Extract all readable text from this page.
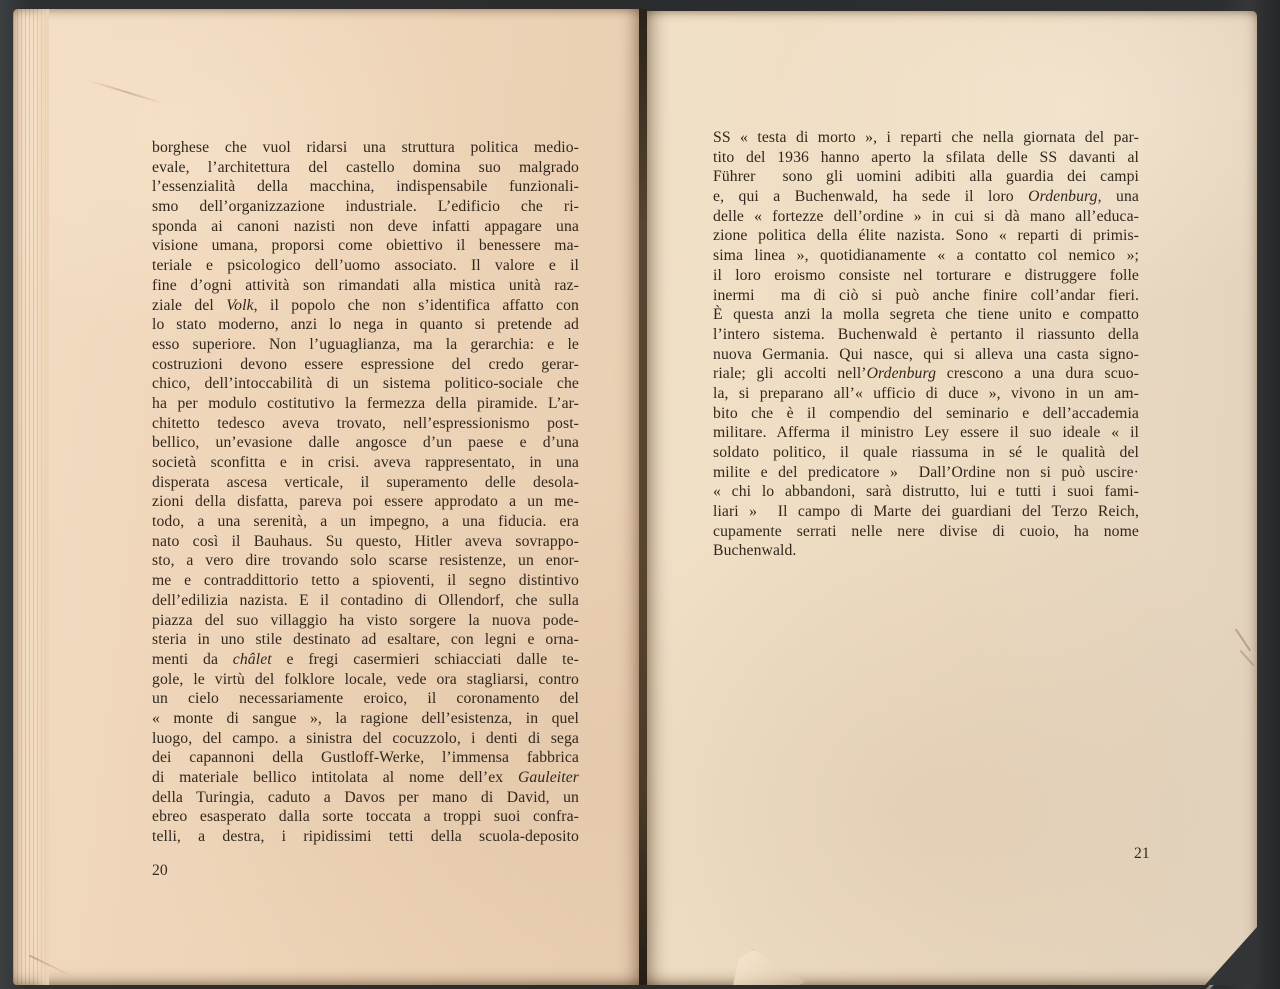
borghese che vuol ridarsi una struttura politica medio-
evale, l’architettura del castello domina suo malgrado
l’essenzialità della macchina, indispensabile funzionali-
smo dell’organizzazione industriale. L’edificio che ri-
sponda ai canoni nazisti non deve infatti appagare una
visione umana, proporsi come obiettivo il benessere ma-
teriale e psicologico dell’uomo associato. Il valore e il
fine d’ogni attività son rimandati alla mistica unità raz-
ziale del Volk, il popolo che non s’identifica affatto con
lo stato moderno, anzi lo nega in quanto si pretende ad
esso superiore. Non l’uguaglianza, ma la gerarchia: e le
costruzioni devono essere espressione del credo gerar-
chico, dell’intoccabilità di un sistema politico-sociale che
ha per modulo costitutivo la fermezza della piramide. L’ar-
chitetto tedesco aveva trovato, nell’espressionismo post-
bellico, un’evasione dalle angosce d’un paese e d’una
società sconfitta e in crisi. aveva rappresentato, in una
disperata ascesa verticale, il superamento delle desola-
zioni della disfatta, pareva poi essere approdato a un me-
todo, a una serenità, a un impegno, a una fiducia. era
nato così il Bauhaus. Su questo, Hitler aveva sovrappo-
sto, a vero dire trovando solo scarse resistenze, un enor-
me e contraddittorio tetto a spioventi, il segno distintivo
dell’edilizia nazista. E il contadino di Ollendorf, che sulla
piazza del suo villaggio ha visto sorgere la nuova pode-
steria in uno stile destinato ad esaltare, con legni e orna-
menti da châlet e fregi casermieri schiacciati dalle te-
gole, le virtù del folklore locale, vede ora stagliarsi, contro
un cielo necessariamente eroico, il coronamento del
« monte di sangue », la ragione dell’esistenza, in quel
luogo, del campo. a sinistra del cocuzzolo, i denti di sega
dei capannoni della Gustloff-Werke, l’immensa fabbrica
di materiale bellico intitolata al nome dell’ex Gauleiter
della Turingia, caduto a Davos per mano di David, un
ebreo esasperato dalla sorte toccata a troppi suoi confra-
telli, a destra, i ripidissimi tetti della scuola-deposito
20
SS « testa di morto », i reparti che nella giornata del par-
tito del 1936 hanno aperto la sfilata delle SS davanti al
Führer  sono gli uomini adibiti alla guardia dei campi
e, qui a Buchenwald, ha sede il loro Ordenburg, una
delle « fortezze dell’ordine » in cui si dà mano all’educa-
zione politica della élite nazista. Sono « reparti di primis-
sima linea », quotidianamente « a contatto col nemico »;
il loro eroismo consiste nel torturare e distruggere folle
inermi  ma di ciò si può anche finire coll’andar fieri.
È questa anzi la molla segreta che tiene unito e compatto
l’intero sistema. Buchenwald è pertanto il riassunto della
nuova Germania. Qui nasce, qui si alleva una casta signo-
riale; gli accolti nell’Ordenburg crescono a una dura scuo-
la, si preparano all’« ufficio di duce », vivono in un am-
bito che è il compendio del seminario e dell’accademia
militare. Afferma il ministro Ley essere il suo ideale « il
soldato politico, il quale riassuma in sé le qualità del
milite e del predicatore »  Dall’Ordine non si può uscire·
« chi lo abbandoni, sarà distrutto, lui e tutti i suoi fami-
liari »  Il campo di Marte dei guardiani del Terzo Reich,
cupamente serrati nelle nere divise di cuoio, ha nome
Buchenwald.
21
